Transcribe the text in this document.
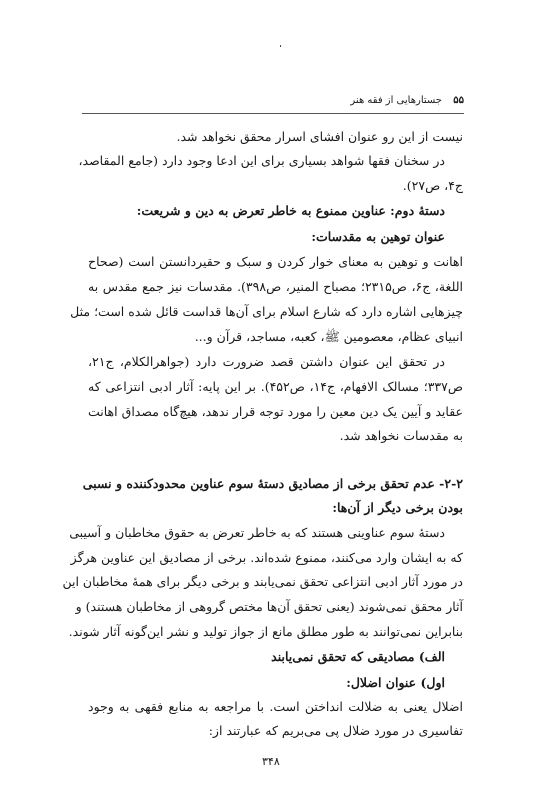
،
۵۵
جستارهایی از فقه هنر
نیست از این رو عنوان افشای اسرار محقق نخواهد شد.
در سخنان فقها شواهد بسیاری برای این ادعا وجود دارد (جامع المقاصد،
ج۴، ص۲۷).
دستهٔ دوم: عناوین ممنوع به خاطر تعرض به دین و شریعت:
عنوان توهین به مقدسات:
اهانت و توهین به معنای خوار کردن و سبک و حقیردانستن است (صحاح
اللغة، ج۶، ص۲۳۱۵؛ مصباح المنیر، ص۳۹۸). مقدسات نیز جمع مقدس به
چیزهایی اشاره دارد که شارع اسلام برای آن‌ها قداست قائل شده است؛ مثل
انبیای عظام، معصومین ﷺ، کعبه، مساجد، قرآن و...
در تحقق این عنوان داشتن قصد ضرورت دارد (جواهرالکلام، ج۲۱،
ص۳۳۷؛ مسالک الافهام، ج۱۴، ص۴۵۲). بر این پایه: آثار ادبی انتزاعی که
عقاید و آیین یک دین معین را مورد توجه قرار ندهد، هیچ‌گاه مصداق اهانت
به مقدسات نخواهد شد.
۲-۲- عدم تحقق برخی از مصادیق دستهٔ سوم عناوین محدودکننده و نسبی
بودن برخی دیگر از آن‌ها:
دستهٔ سوم عناوینی هستند که به خاطر تعرض به حقوق مخاطبان و آسیبی
که به ایشان وارد می‌کنند، ممنوع شده‌اند. برخی از مصادیق این عناوین هرگز
در مورد آثار ادبی انتزاعی تحقق نمی‌یابند و برخی دیگر برای همهٔ مخاطبان این
آثار محقق نمی‌شوند (یعنی تحقق آن‌ها مختص گروهی از مخاطبان هستند) و
بنابراین نمی‌توانند به طور مطلق مانع از جواز تولید و نشر این‌گونه آثار شوند.
الف) مصادیقی که تحقق نمی‌یابند
اول) عنوان اضلال:
اضلال یعنی به ضلالت انداختن است. با مراجعه به منابع فقهی به وجود
تفاسیری در مورد ضلال پی می‌بریم که عبارتند از:
۳۴۸
